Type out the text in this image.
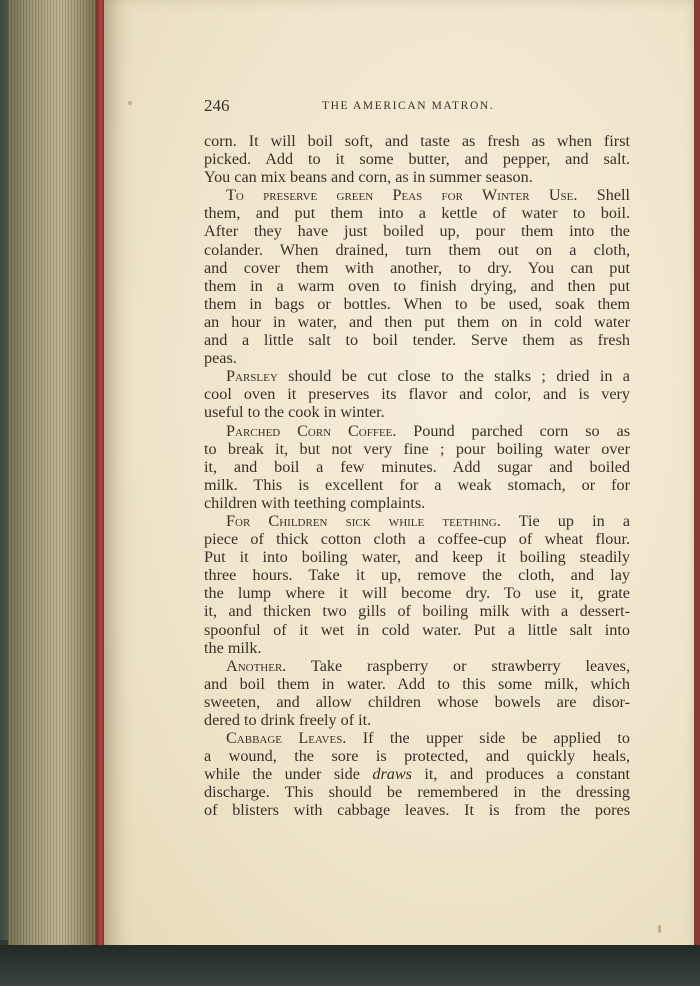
246	THE AMERICAN MATRON.
corn. It will boil soft, and taste as fresh as when first
picked. Add to it some butter, and pepper, and salt.
You can mix beans and corn, as in summer season.
To preserve green Peas for Winter Use. Shell
them, and put them into a kettle of water to boil.
After they have just boiled up, pour them into the
colander. When drained, turn them out on a cloth,
and cover them with another, to dry. You can put
them in a warm oven to finish drying, and then put
them in bags or bottles. When to be used, soak them
an hour in water, and then put them on in cold water
and a little salt to boil tender. Serve them as fresh
peas.
Parsley should be cut close to the stalks ; dried in a
cool oven it preserves its flavor and color, and is very
useful to the cook in winter.
Parched Corn Coffee. Pound parched corn so as
to break it, but not very fine ; pour boiling water over
it, and boil a few minutes. Add sugar and boiled
milk. This is excellent for a weak stomach, or for
children with teething complaints.
For Children sick while teething. Tie up in a
piece of thick cotton cloth a coffee-cup of wheat flour.
Put it into boiling water, and keep it boiling steadily
three hours. Take it up, remove the cloth, and lay
the lump where it will become dry. To use it, grate
it, and thicken two gills of boiling milk with a dessert-
spoonful of it wet in cold water. Put a little salt into
the milk.
Another. Take raspberry or strawberry leaves,
and boil them in water. Add to this some milk, which
sweeten, and allow children whose bowels are disor-
dered to drink freely of it.
Cabbage Leaves. If the upper side be applied to
a wound, the sore is protected, and quickly heals,
while the under side draws it, and produces a constant
discharge. This should be remembered in the dressing
of blisters with cabbage leaves. It is from the pores
